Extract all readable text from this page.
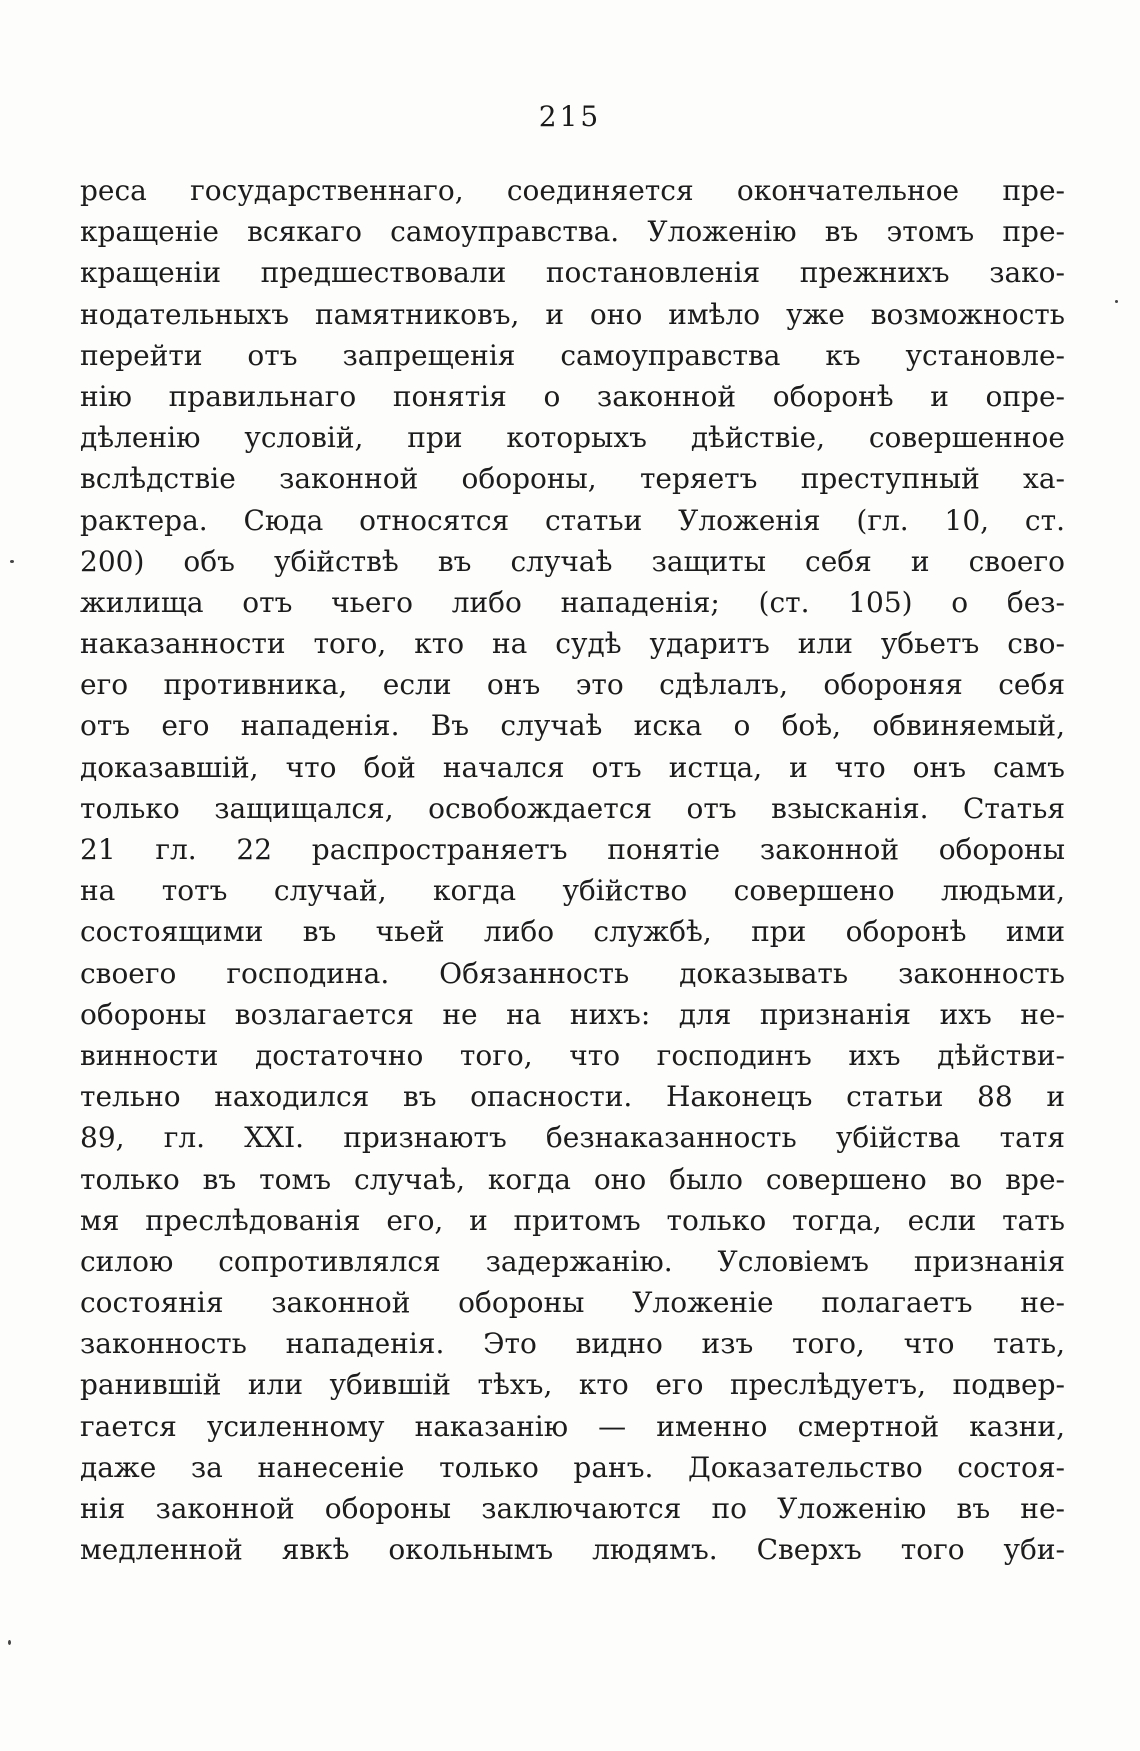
215
реса государственнаго, соединяется окончательное пре-
кращеніе всякаго самоуправства. Уложенію въ этомъ пре-
кращеніи предшествовали постановленія прежнихъ зако-
нодательныхъ памятниковъ, и оно имѣло уже возможность
перейти отъ запрещенія самоуправства къ установле-
нію правильнаго понятія о законной оборонѣ и опре-
дѣленію условій, при которыхъ дѣйствіе, совершенное
вслѣдствіе законной обороны, теряетъ преступный ха-
рактера. Сюда относятся статьи Уложенія (гл. 10, ст.
200) объ убійствѣ въ случаѣ защиты себя и своего
жилища отъ чьего либо нападенія; (ст. 105) о без-
наказанности того, кто на судѣ ударитъ или убьетъ сво-
его противника, если онъ это сдѣлалъ, обороняя себя
отъ его нападенія. Въ случаѣ иска о боѣ, обвиняемый,
доказавшій, что бой начался отъ истца, и что онъ самъ
только защищался, освобождается отъ взысканія. Статья
21 гл. 22 распространяетъ понятіе законной обороны
на тотъ случай, когда убійство совершено людьми,
состоящими въ чьей либо службѣ, при оборонѣ ими
своего господина. Обязанность доказывать законность
обороны возлагается не на нихъ: для признанія ихъ не-
винности достаточно того, что господинъ ихъ дѣйстви-
тельно находился въ опасности. Наконецъ статьи 88 и
89, гл. XXI. признаютъ безнаказанность убійства татя
только въ томъ случаѣ, когда оно было совершено во вре-
мя преслѣдованія его, и притомъ только тогда, если тать
силою сопротивлялся задержанію. Условіемъ признанія
состоянія законной обороны Уложеніе полагаетъ не-
законность нападенія. Это видно изъ того, что тать,
ранившій или убившій тѣхъ, кто его преслѣдуетъ, подвер-
гается усиленному наказанію — именно смертной казни,
даже за нанесеніе только ранъ. Доказательство состоя-
нія законной обороны заключаются по Уложенію въ не-
медленной явкѣ окольнымъ людямъ. Сверхъ того уби-
